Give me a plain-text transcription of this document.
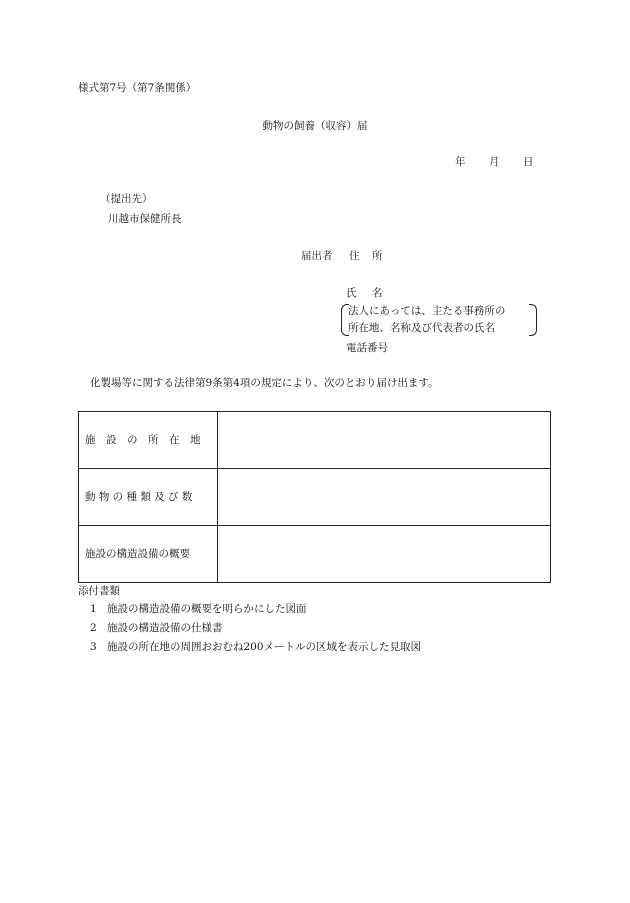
様式第7号（第7条関係）
動物の飼養（収容）届
年 月 日
（提出先）
川越市保健所長
届出者 住 所
氏 名
法人にあっては、主たる事務所の
所在地、名称及び代表者の氏名
電話番号
化製場等に関する法律第9条第4項の規定により、次のとおり届け出ます。
施　設　の　所　在　地	
動 物 の 種 類 及 び 数	
施設の構造設備の概要	
添付書類
1 施設の構造設備の概要を明らかにした図面
2 施設の構造設備の仕様書
3 施設の所在地の周囲おおむね200メートルの区域を表示した見取図
